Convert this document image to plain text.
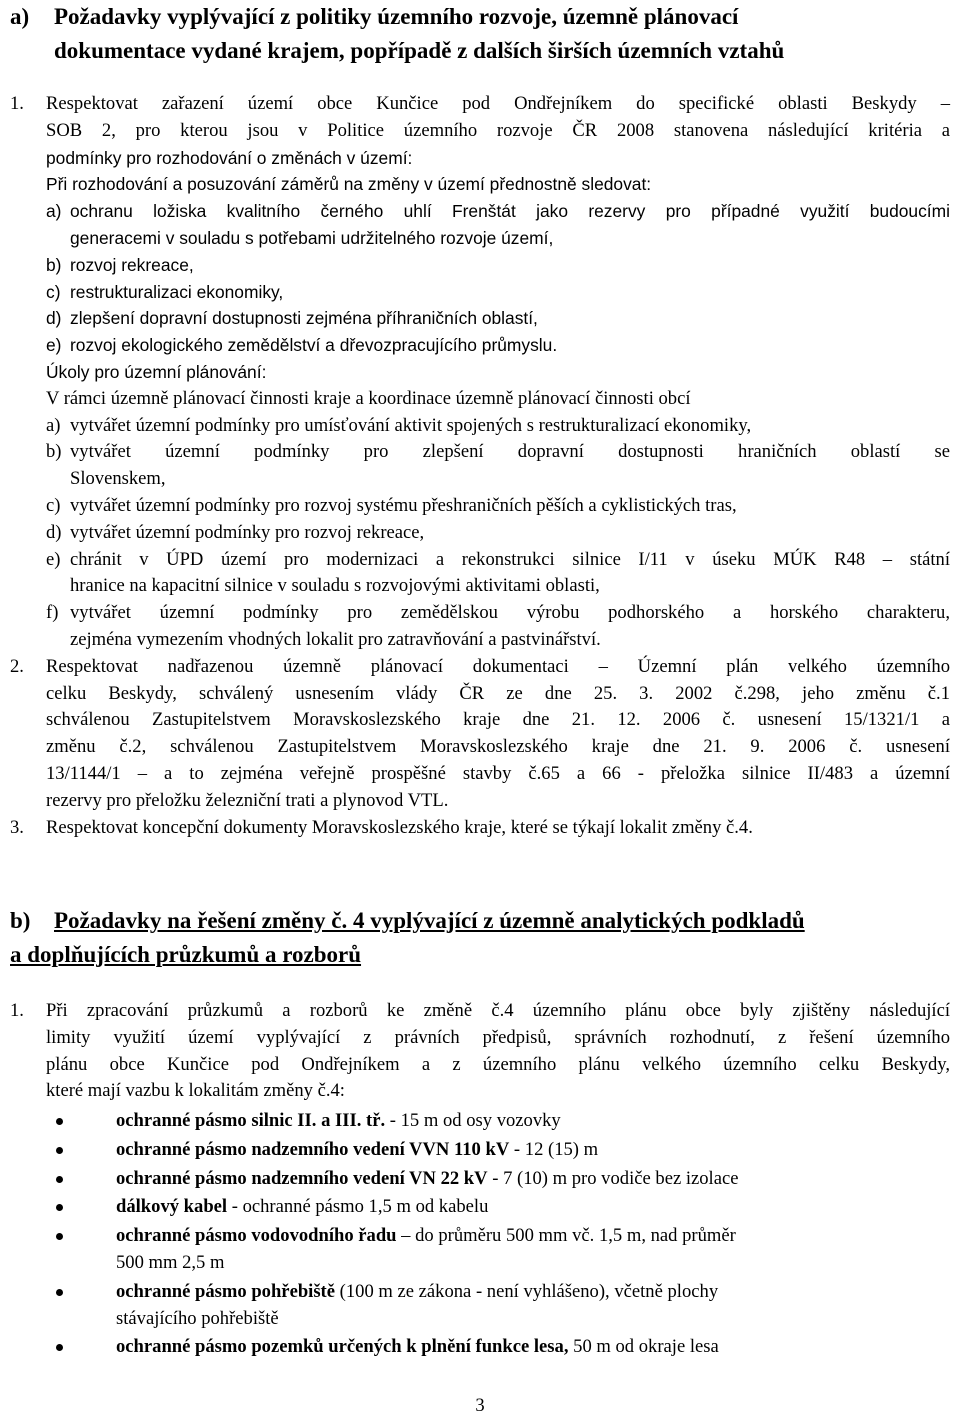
a) Požadavky vyplývající z politiky územního rozvoje, územně plánovací
dokumentace vydané krajem, popřípadě z dalších širších územních vztahů
1. Respektovat zařazení území obce Kunčice pod Ondřejníkem do specifické oblasti Beskydy –
SOB 2, pro kterou jsou v Politice územního rozvoje ČR 2008 stanovena následující kritéria a
podmínky pro rozhodování o změnách v území:
Při rozhodování a posuzování záměrů na změny v území přednostně sledovat:
a) ochranu ložiska kvalitního černého uhlí Frenštát jako rezervy pro případné využití budoucími
generacemi v souladu s potřebami udržitelného rozvoje území,
b) rozvoj rekreace,
c) restrukturalizaci ekonomiky,
d) zlepšení dopravní dostupnosti zejména příhraničních oblastí,
e) rozvoj ekologického zemědělství a dřevozpracujícího průmyslu.
Úkoly pro územní plánování:
V rámci územně plánovací činnosti kraje a koordinace územně plánovací činnosti obcí
a) vytvářet územní podmínky pro umísťování aktivit spojených s restrukturalizací ekonomiky,
b) vytvářet územní podmínky pro zlepšení dopravní dostupnosti hraničních oblastí se
Slovenskem,
c) vytvářet územní podmínky pro rozvoj systému přeshraničních pěších a cyklistických tras,
d) vytvářet územní podmínky pro rozvoj rekreace,
e) chránit v ÚPD území pro modernizaci a rekonstrukci silnice I/11 v úseku MÚK R48 – státní
hranice na kapacitní silnice v souladu s rozvojovými aktivitami oblasti,
f) vytvářet územní podmínky pro zemědělskou výrobu podhorského a horského charakteru,
zejména vymezením vhodných lokalit pro zatravňování a pastvinářství.
2. Respektovat nadřazenou územně plánovací dokumentaci – Územní plán velkého územního
celku Beskydy, schválený usnesením vlády ČR ze dne 25. 3. 2002 č.298, jeho změnu č.1
schválenou Zastupitelstvem Moravskoslezského kraje dne 21. 12. 2006 č. usnesení 15/1321/1 a
změnu č.2, schválenou Zastupitelstvem Moravskoslezského kraje dne 21. 9. 2006 č. usnesení
13/1144/1 – a to zejména veřejně prospěšné stavby č.65 a 66 - přeložka silnice II/483 a územní
rezervy pro přeložku železniční trati a plynovod VTL.
3. Respektovat koncepční dokumenty Moravskoslezského kraje, které se týkají lokalit změny č.4.
b) Požadavky na řešení změny č. 4 vyplývající z územně analytických podkladů
a doplňujících průzkumů a rozborů
1. Při zpracování průzkumů a rozborů ke změně č.4 územního plánu obce byly zjištěny následující
limity využití území vyplývající z právních předpisů, správních rozhodnutí, z řešení územního
plánu obce Kunčice pod Ondřejníkem a z územního plánu velkého územního celku Beskydy,
které mají vazbu k lokalitám změny č.4:
ochranné pásmo silnic II. a III. tř. - 15 m od osy vozovky
ochranné pásmo nadzemního vedení VVN 110 kV - 12 (15) m
ochranné pásmo nadzemního vedení VN 22 kV - 7 (10) m pro vodiče bez izolace
dálkový kabel - ochranné pásmo 1,5 m od kabelu
ochranné pásmo vodovodního řadu – do průměru 500 mm vč. 1,5 m, nad průměr
500 mm 2,5 m
ochranné pásmo pohřebiště (100 m ze zákona - není vyhlášeno), včetně plochy
stávajícího pohřebiště
ochranné pásmo pozemků určených k plnění funkce lesa, 50 m od okraje lesa
3
